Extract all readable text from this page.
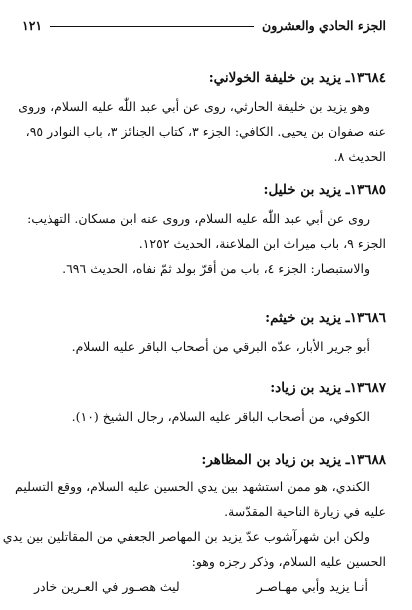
الجزء الحادي والعشرون
١٢١
١٣٦٨٤ـ يزيد بن خليفة الخولاني:
وهو يزيد بن خليفة الحارثي، روى عن أبي عبد اللّٰه عليه السلام، وروى
عنه صفوان بن يحيى. الكافي: الجزء ٣، كتاب الجنائز ٣، باب النوادر ٩٥،
الحديث ٨.
١٣٦٨٥ـ يزيد بن خليل:
روى عن أبي عبد اللّٰه عليه السلام، وروى عنه ابن مسكان. التهذيب:
الجزء ٩، باب ميراث ابن الملاعنة، الحديث ١٢٥٢.
والاستبصار: الجزء ٤، باب من أقرّ بولد ثمّ نفاه، الحديث ٦٩٦.
١٣٦٨٦ـ يزيد بن خيثم:
أبو جرير الأبار، عدّه البرقي من أصحاب الباقر عليه السلام.
١٣٦٨٧ـ يزيد بن زياد:
الكوفي، من أصحاب الباقر عليه السلام، رجال الشيخ (١٠).
١٣٦٨٨ـ يزيد بن زياد بن المظاهر:
الكندي، هو ممن استشهد بين يدي الحسين عليه السلام، ووقع التسليم
عليه في زيارة الناحية المقدّسة.
ولكن ابن شهرآشوب عدّ يزيد بن المهاصر الجعفي من المقاتلين بين يدي
الحسين عليه السلام، وذكر رجزه وهو:
أنـا يزيد وأبي مهـاصـر
ليث هصـور في العـرين خادر
